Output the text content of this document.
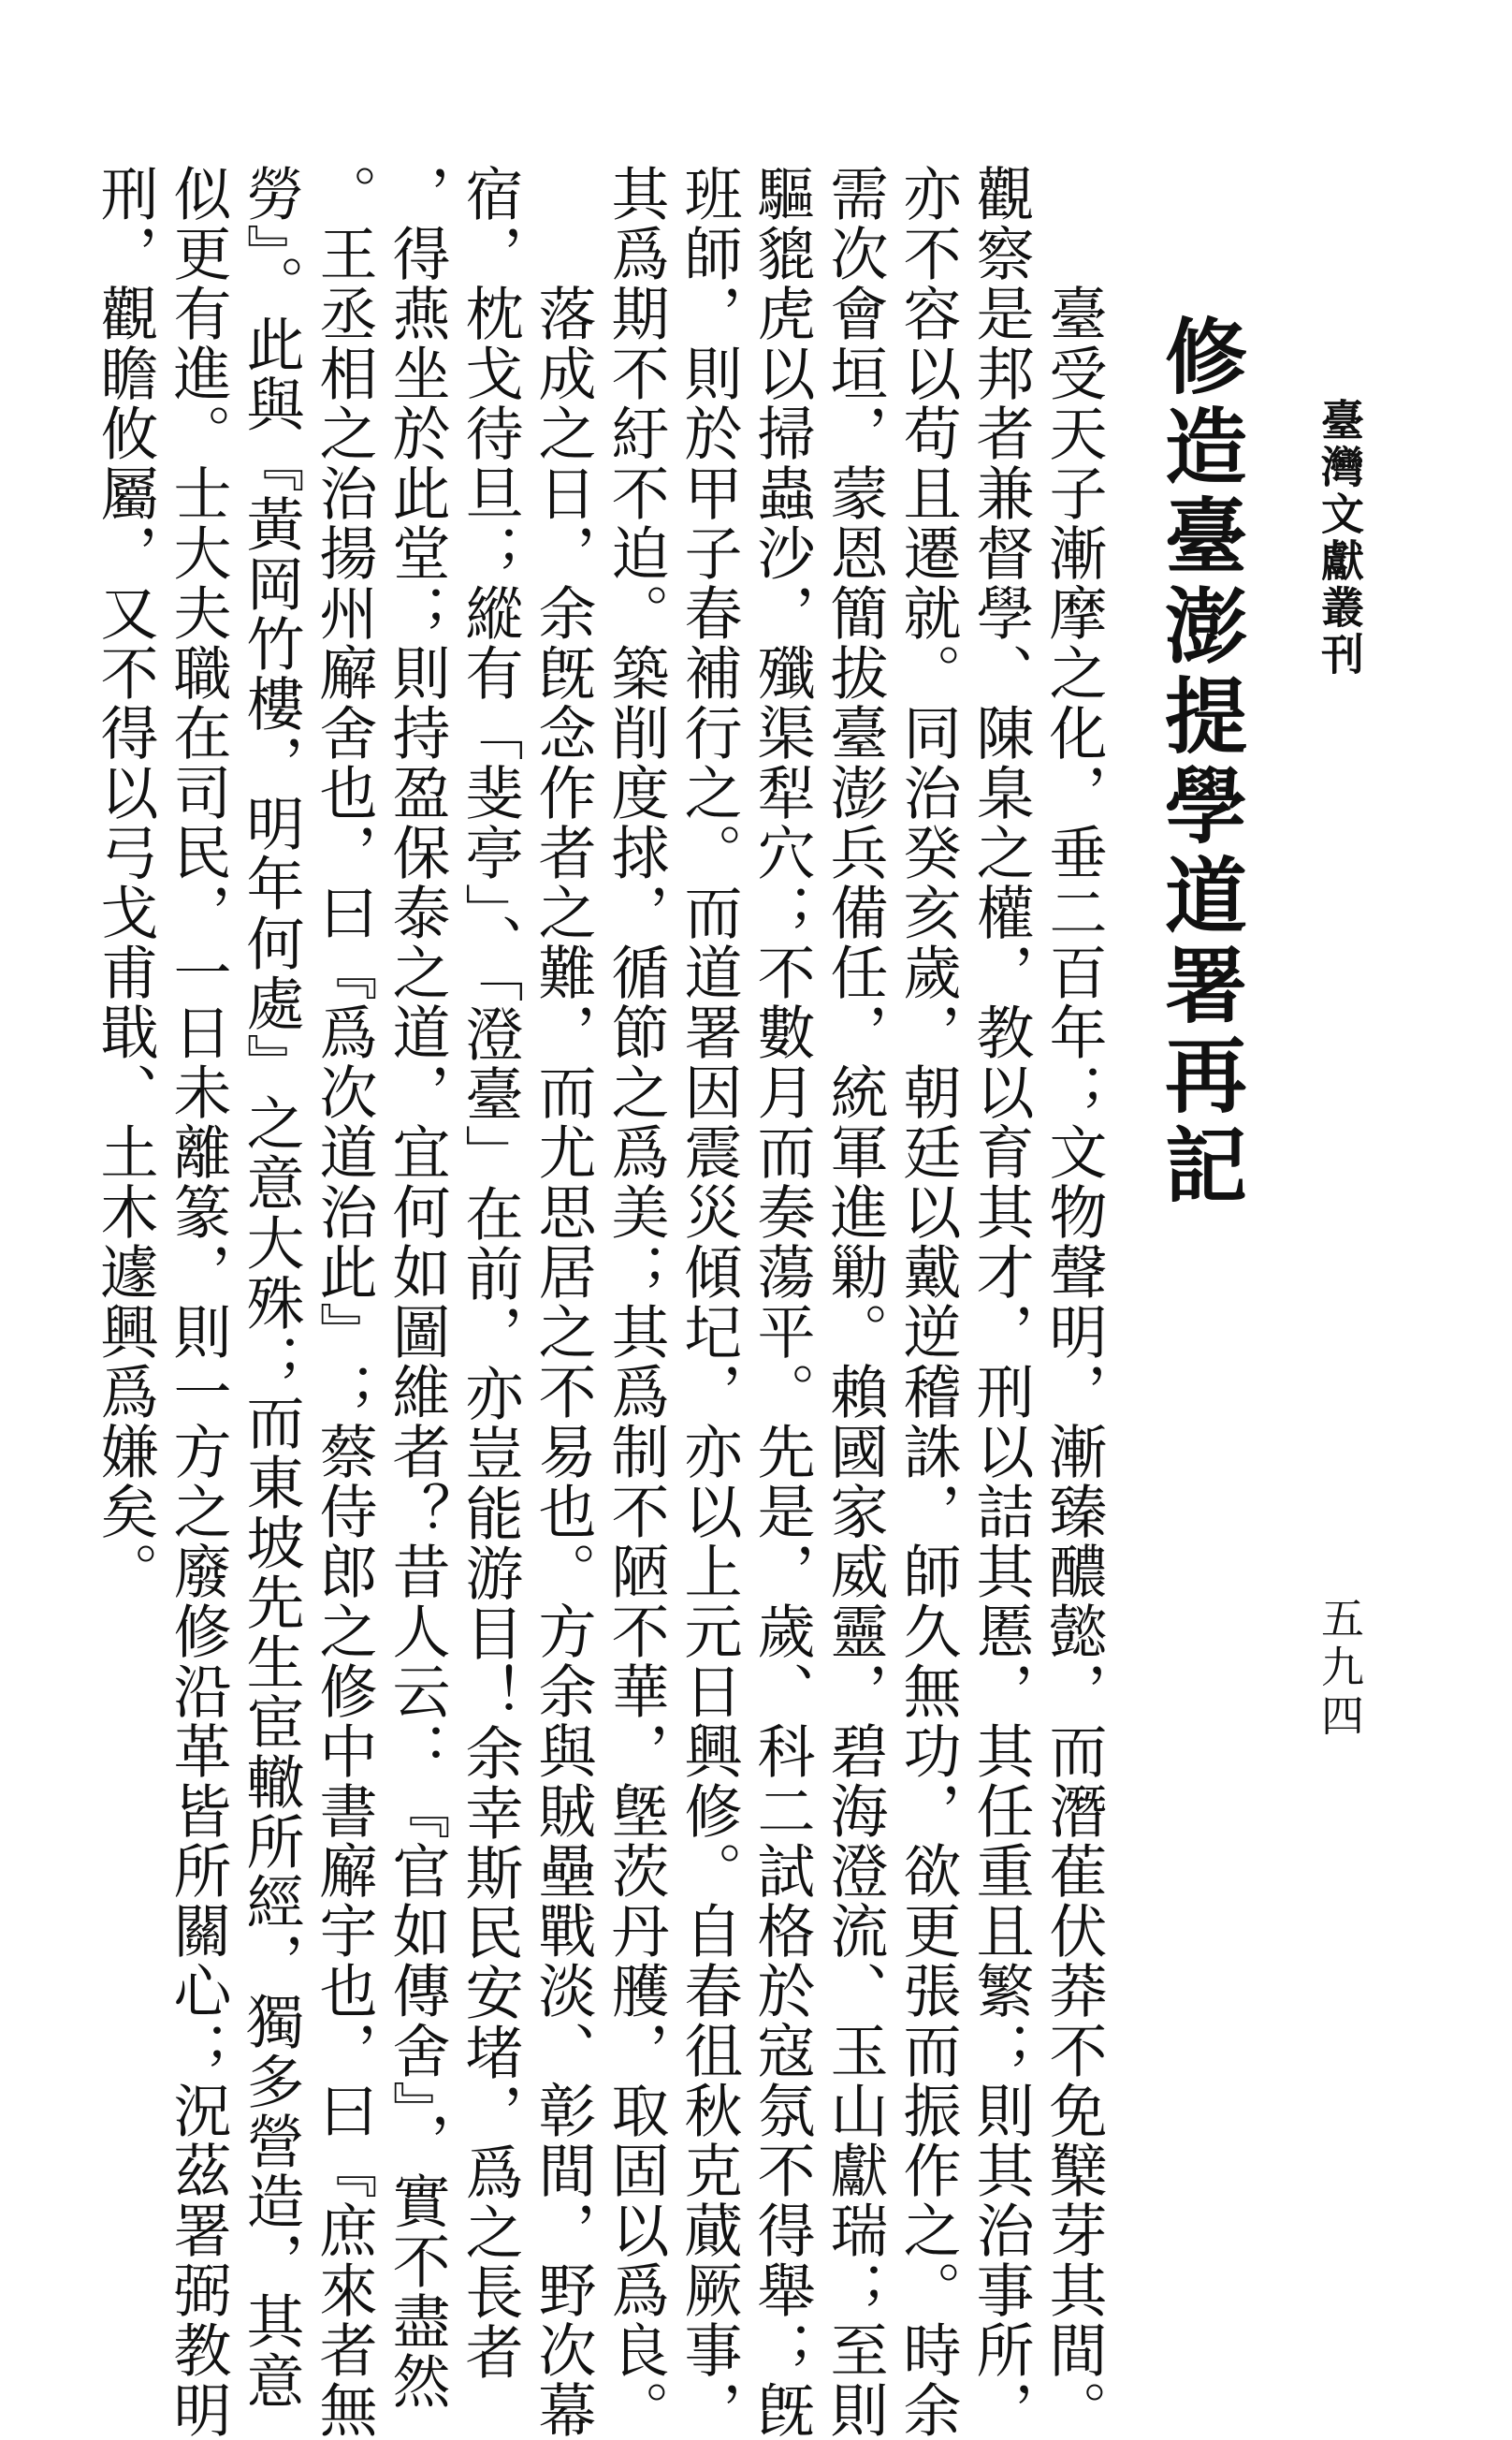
臺灣文獻叢刊
五九四
修造臺澎提學道署再記

　　臺受天子漸摩之化，垂二百年；文物聲明，漸臻醲懿，而潛萑伏莽不免櫱芽其間。

觀察是邦者兼督學、陳臬之權，教以育其才，刑以詰其慝，其任重且繁；則其治事所，

亦不容以苟且遷就。同治癸亥歲，朝廷以戴逆稽誅，師久無功，欲更張而振作之。時余

需次會垣，蒙恩簡拔臺澎兵備任，統軍進勦。賴國家威靈，碧海澄流、玉山獻瑞；至則

驅貔虎以掃蟲沙，殲渠犁穴；不數月而奏蕩平。先是，歲、科二試格於寇氛不得舉；旣

班師，則於甲子春補行之。而道署因震災傾圮，亦以上元日興修。自春徂秋克蕆厥事，

其爲期不紆不迫。築削度捄，循節之爲美；其爲制不陋不華，墍茨丹雘，取固以爲良。

　　落成之日，余旣念作者之難，而尤思居之不易也。方余與賊壘戰淡、彰間，野次幕

宿，枕戈待旦；縱有「斐亭」、「澄臺」在前，亦豈能游目！余幸斯民安堵，爲之長者

，得燕坐於此堂；則持盈保泰之道，宜何如圖維者？昔人云：『官如傳舍』，實不盡然

。王丞相之治揚州廨舍也，曰『爲次道治此』；蔡侍郎之修中書廨宇也，曰『庶來者無

勞』。此與『黃岡竹樓，明年何處』之意大殊；而東坡先生宦轍所經，獨多營造，其意

似更有進。士大夫職在司民，一日未離篆，則一方之廢修沿革皆所關心；況茲署弼教明

刑，觀瞻攸屬，又不得以弓戈甫戢、土木遽興爲嫌矣。
